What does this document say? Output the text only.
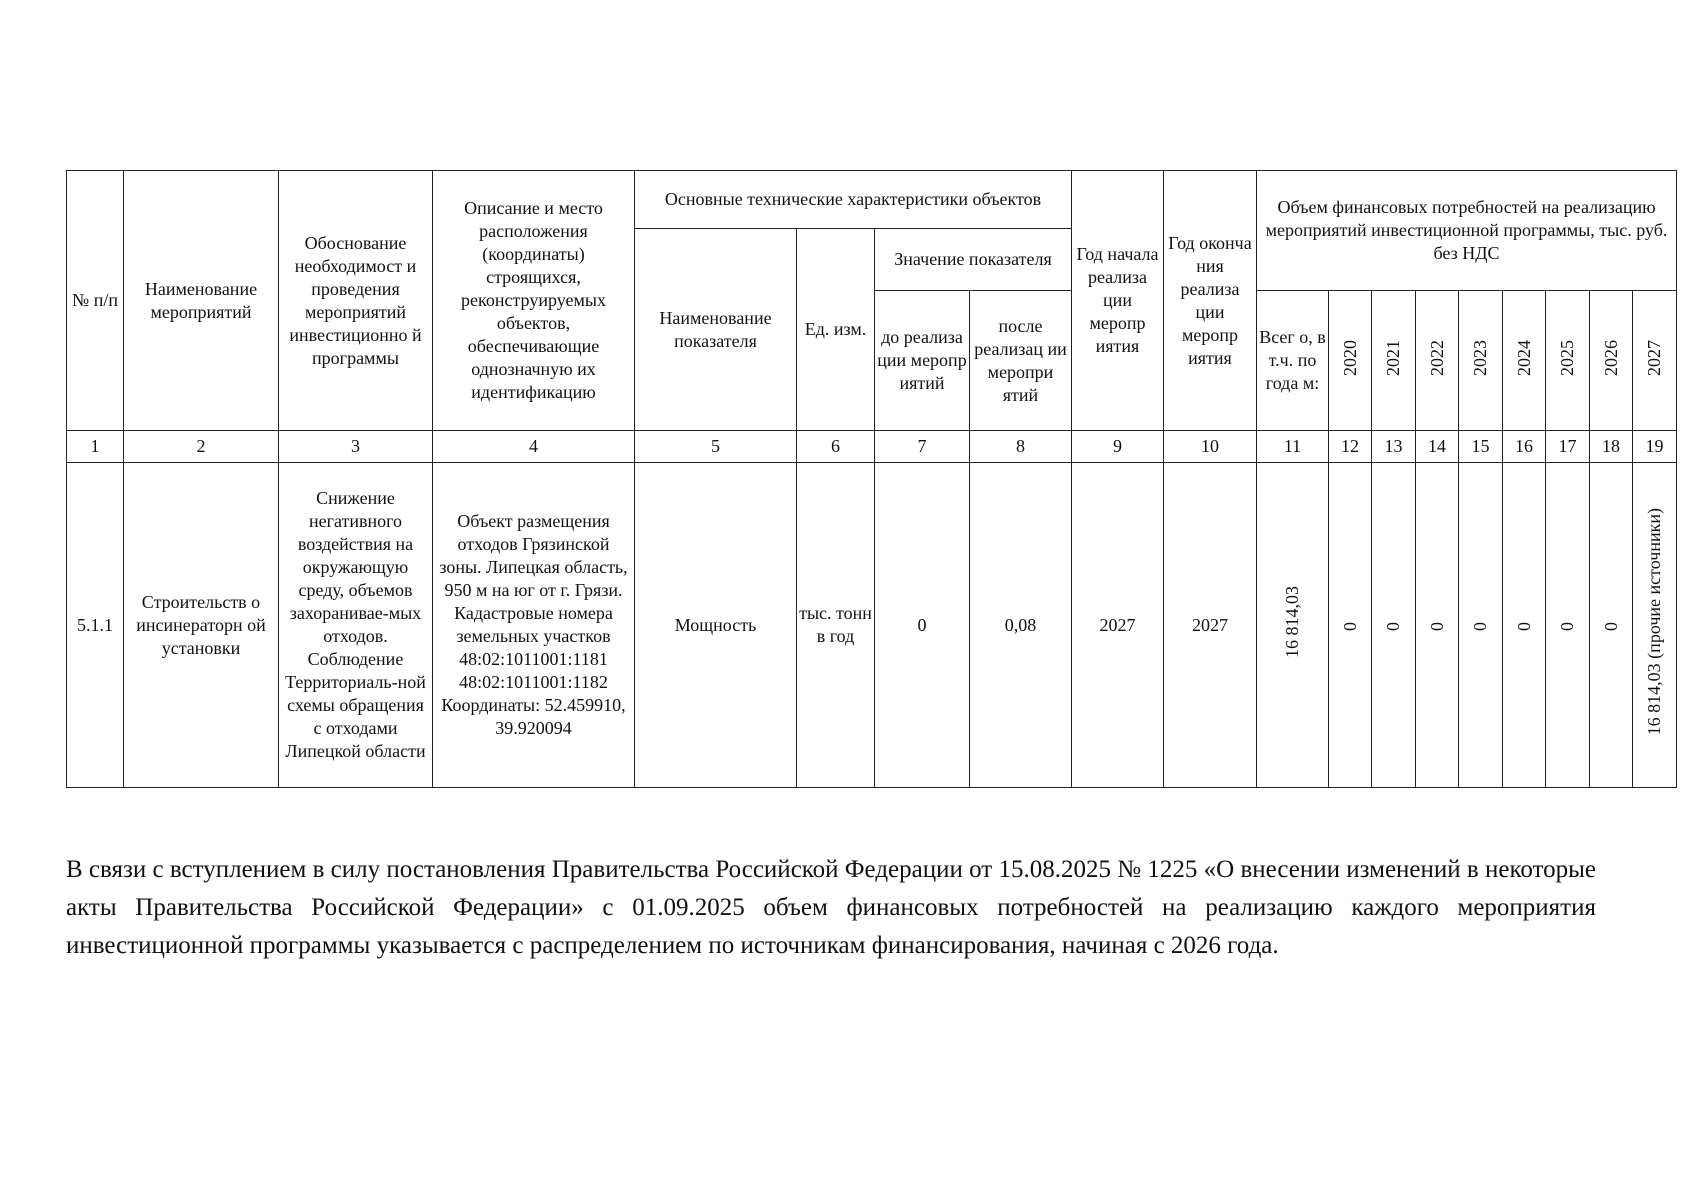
№ п/п	Наименование мероприятий	Обоснование необходимост и проведения мероприятий инвестиционно й программы	Описание и место расположения (координаты) строящихся, реконструируемых объектов, обеспечивающие однозначную их идентификацию	Основные технические характеристики объектов				Год начала реализа ции меропр иятия	Год оконча ния реализа ции меропр иятия	Объем финансовых потребностей на реализацию мероприятий инвестиционной программы, тыс. руб. без НДС								
				Наименование показателя	Ед. изм.	Значение показателя												
						до реализа ции меропр иятий	после реализац ии меропри ятий			Всег о, в т.ч. по года м:	2020	2021	2022	2023	2024	2025	2026	2027
1	2	3	4	5	6	7	8	9	10	11	12	13	14	15	16	17	18	19
5.1.1	Строительств о инсинераторн ой установки	Снижение негативного воздействия на окружающую среду, объемов захоранивае-мых отходов. Соблюдение Территориаль-ной схемы обращения с отходами Липецкой области	Объект размещения отходов Грязинской зоны. Липецкая область, 950 м на юг от г. Грязи. Кадастровые номера земельных участков 48:02:1011001:1181 48:02:1011001:1182 Координаты: 52.459910, 39.920094	Мощность	тыс. тонн в год	0	0,08	2027	2027	16 814,03	0	0	0	0	0	0	0	16 814,03 (прочие источники)

В связи с вступлением в силу постановления Правительства Российской Федерации от 15.08.2025 № 1225 «О внесении изменений в некоторые акты Правительства Российской Федерации» с 01.09.2025 объем финансовых потребностей на реализацию каждого мероприятия инвестиционной программы указывается с распределением по источникам финансирования, начиная с 2026 года.
